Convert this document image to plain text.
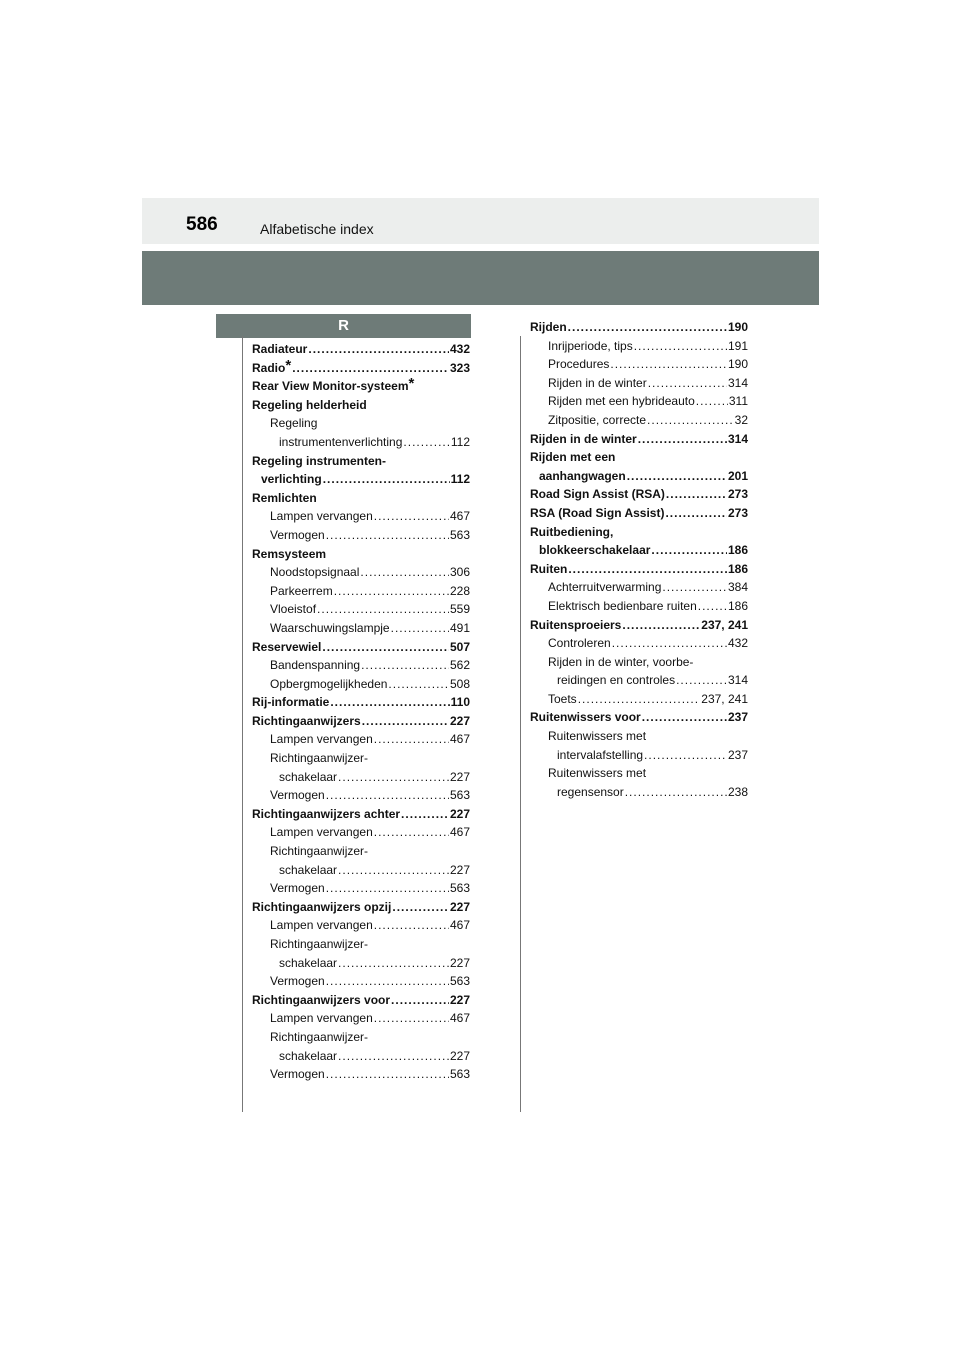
586	Alfabetische index
R
Radiateur .....	432
Radio* .....	323
Rear View Monitor-systeem*
Regeling helderheid
Regeling
instrumentenverlichting .....	112
Regeling instrumenten-
verlichting .....	112
Remlichten
Lampen vervangen .....	467
Vermogen .....	563
Remsysteem
Noodstopsignaal .....	306
Parkeerrem .....	228
Vloeistof .....	559
Waarschuwingslampje .....	491
Reservewiel .....	507
Bandenspanning .....	562
Opbergmogelijkheden .....	508
Rij-informatie .....	110
Richtingaanwijzers .....	227
Lampen vervangen .....	467
Richtingaanwijzer-
schakelaar .....	227
Vermogen .....	563
Richtingaanwijzers achter .....	227
Lampen vervangen .....	467
Richtingaanwijzer-
schakelaar .....	227
Vermogen .....	563
Richtingaanwijzers opzij .....	227
Lampen vervangen .....	467
Richtingaanwijzer-
schakelaar .....	227
Vermogen .....	563
Richtingaanwijzers voor .....	227
Lampen vervangen .....	467
Richtingaanwijzer-
schakelaar .....	227
Vermogen .....	563
Rijden .....	190
Inrijperiode, tips .....	191
Procedures .....	190
Rijden in de winter .....	314
Rijden met een hybrideauto .....	311
Zitpositie, correcte .....	32
Rijden in de winter .....	314
Rijden met een
aanhangwagen .....	201
Road Sign Assist (RSA) .....	273
RSA (Road Sign Assist) .....	273
Ruitbediening,
blokkeerschakelaar .....	186
Ruiten .....	186
Achterruitverwarming .....	384
Elektrisch bedienbare ruiten .....	186
Ruitensproeiers .....	237, 241
Controleren .....	432
Rijden in de winter, voorbe-
reidingen en controles .....	314
Toets .....	237, 241
Ruitenwissers voor .....	237
Ruitenwissers met
intervalafstelling .....	237
Ruitenwissers met
regensensor .....	238
